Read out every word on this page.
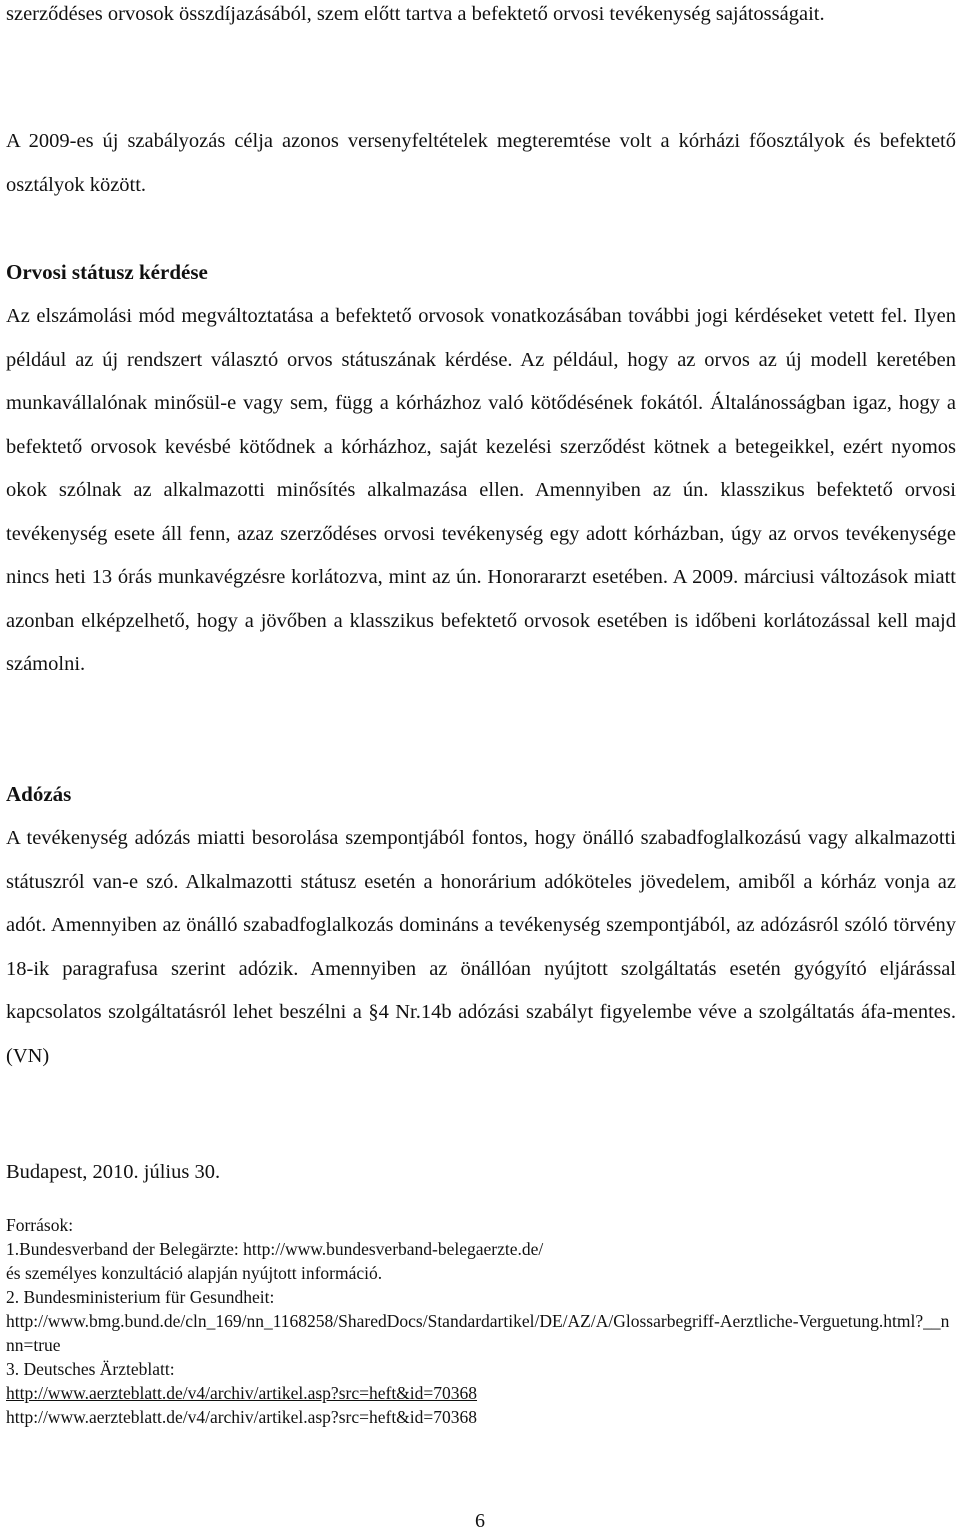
szerződéses orvosok összdíjazásából, szem előtt tartva a befektető orvosi tevékenység sajátosságait.

A 2009-es új szabályozás célja azonos versenyfeltételek megteremtése volt a kórházi főosztályok és befektető osztályok között.

Orvosi státusz kérdése

Az elszámolási mód megváltoztatása a befektető orvosok vonatkozásában további jogi kérdéseket vetett fel. Ilyen például az új rendszert választó orvos státuszának kérdése. Az például, hogy az orvos az új modell keretében munkavállalónak minősül-e vagy sem, függ a kórházhoz való kötődésének fokától. Általánosságban igaz, hogy a befektető orvosok kevésbé kötődnek a kórházhoz, saját kezelési szerződést kötnek a betegeikkel, ezért nyomos okok szólnak az alkalmazotti minősítés alkalmazása ellen. Amennyiben az ún. klasszikus befektető orvosi tevékenység esete áll fenn, azaz szerződéses orvosi tevékenység egy adott kórházban, úgy az orvos tevékenysége nincs heti 13 órás munkavégzésre korlátozva, mint az ún. Honorararzt esetében. A 2009. márciusi változások miatt azonban elképzelhető, hogy a jövőben a klasszikus befektető orvosok esetében is időbeni korlátozással kell majd számolni.

Adózás

A tevékenység adózás miatti besorolása szempontjából fontos, hogy önálló szabadfoglalkozású vagy alkalmazotti státuszról van-e szó. Alkalmazotti státusz esetén a honorárium adóköteles jövedelem, amiből a kórház vonja az adót. Amennyiben az önálló szabadfoglalkozás domináns a tevékenység szempontjából, az adózásról szóló törvény 18-ik paragrafusa szerint adózik. Amennyiben az önállóan nyújtott szolgáltatás esetén gyógyító eljárással kapcsolatos szolgáltatásról lehet beszélni a §4 Nr.14b adózási szabályt figyelembe véve a szolgáltatás áfa-mentes. (VN)

Budapest, 2010. július 30.

Források:
1.Bundesverband der Belegärzte: http://www.bundesverband-belegaerzte.de/
és személyes konzultáció alapján nyújtott információ.
2. Bundesministerium für Gesundheit:
http://www.bmg.bund.de/cln_169/nn_1168258/SharedDocs/Standardartikel/DE/AZ/A/Glossarbegriff-Aerztliche-Verguetung.html?__nnn=true
3. Deutsches Ärzteblatt:
http://www.aerzteblatt.de/v4/archiv/artikel.asp?src=heft&id=70368
http://www.aerzteblatt.de/v4/archiv/artikel.asp?src=heft&id=70368
6
